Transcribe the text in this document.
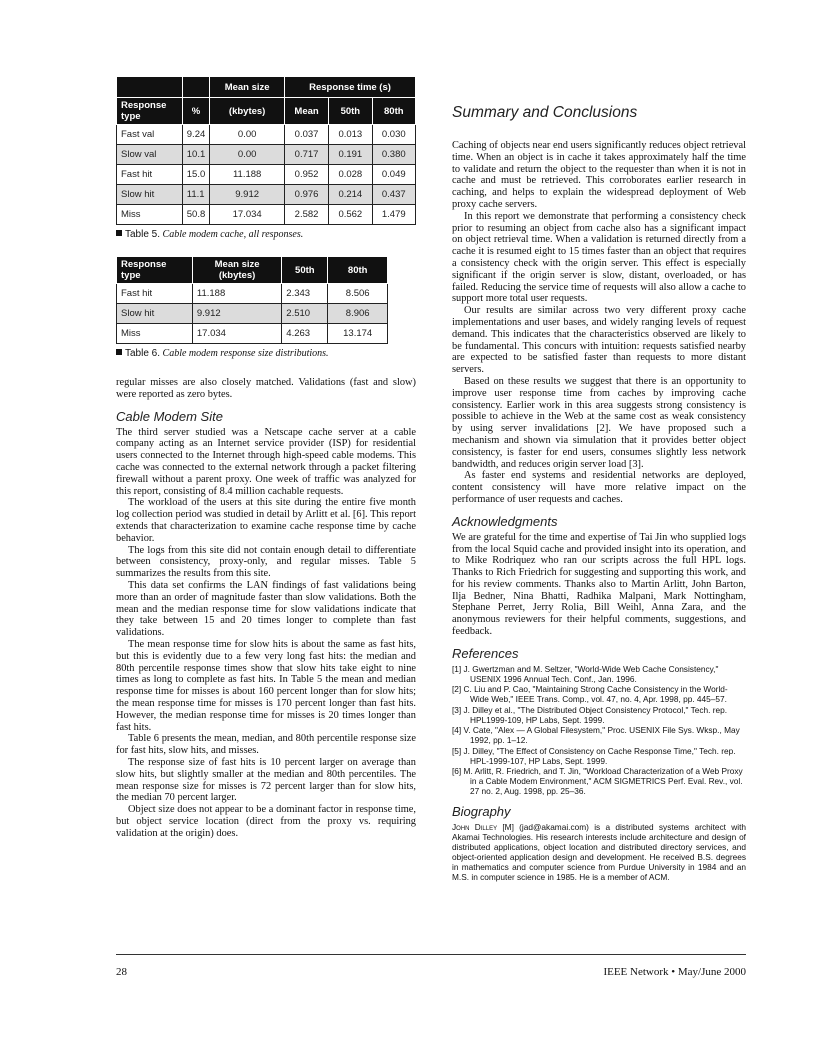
		Mean size	Response time (s)		
Response type	%	(kbytes)	Mean	50th	80th
Fast val	9.24	0.00	0.037	0.013	0.030
Slow val	10.1	0.00	0.717	0.191	0.380
Fast hit	15.0	11.188	0.952	0.028	0.049
Slow hit	11.1	9.912	0.976	0.214	0.437
Miss	50.8	17.034	2.582	0.562	1.479
Table 5. Cable modem cache, all responses.
Response type	Mean size (kbytes)	50th	80th
Fast hit	11.188	2.343	8.506
Slow hit	9.912	2.510	8.906
Miss	17.034	4.263	13.174
Table 6. Cable modem response size distributions.

regular misses are also closely matched. Validations (fast and slow) were reported as zero bytes.

Cable Modem Site

The third server studied was a Netscape cache server at a cable company acting as an Internet service provider (ISP) for residential users connected to the Internet through high-speed cable modems. This cache was connected to the external network through a packet filtering firewall without a parent proxy. One week of traffic was analyzed for this report, consisting of 8.4 million cachable requests.

The workload of the users at this site during the entire five month log collection period was studied in detail by Arlitt et al. [6]. This report extends that characterization to examine cache response time by cache behavior.

The logs from this site did not contain enough detail to differentiate between consistency, proxy-only, and regular misses. Table 5 summarizes the results from this site.

This data set confirms the LAN findings of fast validations being more than an order of magnitude faster than slow validations. Both the mean and the median response time for slow validations indicate that they take between 15 and 20 times longer to complete than fast validations.

The mean response time for slow hits is about the same as fast hits, but this is evidently due to a few very long fast hits: the median and 80th percentile response times show that slow hits take eight to nine times as long to complete as fast hits. In Table 5 the mean and median response time for misses is about 160 percent longer than for slow hits; the mean response time for misses is 170 percent longer than fast hits. However, the median response time for misses is 20 times longer than fast hits.

Table 6 presents the mean, median, and 80th percentile response size for fast hits, slow hits, and misses.

The response size of fast hits is 10 percent larger on average than slow hits, but slightly smaller at the median and 80th percentiles. The mean response size for misses is 72 percent larger than for slow hits, the median 70 percent larger.

Object size does not appear to be a dominant factor in response time, but object service location (direct from the proxy vs. requiring validation at the origin) does.

Summary and Conclusions

Caching of objects near end users significantly reduces object retrieval time. When an object is in cache it takes approximately half the time to validate and return the object to the requester than when it is not in cache and must be retrieved. This corroborates earlier research in caching, and helps to explain the widespread deployment of Web proxy cache servers.

In this report we demonstrate that performing a consistency check prior to resuming an object from cache also has a significant impact on object retrieval time. When a validation is returned directly from a cache it is resumed eight to 15 times faster than an object that requires a consistency check with the origin server. This effect is especially significant if the origin server is slow, distant, overloaded, or has failed. Reducing the service time of requests will also allow a cache to support more total user requests.

Our results are similar across two very different proxy cache implementations and user bases, and widely ranging levels of request demand. This indicates that the characteristics observed are likely to be fundamental. This concurs with intuition: requests satisfied nearby are expected to be satisfied faster than requests to more distant servers.

Based on these results we suggest that there is an opportunity to improve user response time from caches by improving cache consistency. Earlier work in this area suggests strong consistency is possible to achieve in the Web at the same cost as weak consistency by using server invalidations [2]. We have proposed such a mechanism and shown via simulation that it provides better object consistency, is faster for end users, consumes slightly less network bandwidth, and reduces origin server load [3].

As faster end systems and residential networks are deployed, content consistency will have more relative impact on the performance of user requests and caches.

Acknowledgments

We are grateful for the time and expertise of Tai Jin who supplied logs from the local Squid cache and provided insight into its operation, and to Mike Rodriquez who ran our scripts across the full HPL logs. Thanks to Rich Friedrich for suggesting and supporting this work, and for his review comments. Thanks also to Martin Arlitt, John Barton, Ilja Bedner, Nina Bhatti, Radhika Malpani, Mark Nottingham, Stephane Perret, Jerry Rolia, Bill Weihl, Anna Zara, and the anonymous reviewers for their helpful comments, suggestions, and feedback.

References
[1] J. Gwertzman and M. Seltzer, "World-Wide Web Cache Consistency," USENIX 1996 Annual Tech. Conf., Jan. 1996.
[2] C. Liu and P. Cao, "Maintaining Strong Cache Consistency in the World-Wide Web," IEEE Trans. Comp., vol. 47, no. 4, Apr. 1998, pp. 445–57.
[3] J. Dilley et al., "The Distributed Object Consistency Protocol," Tech. rep. HPL1999-109, HP Labs, Sept. 1999.
[4] V. Cate, "Alex — A Global Filesystem," Proc. USENIX File Sys. Wksp., May 1992, pp. 1–12.
[5] J. Dilley, "The Effect of Consistency on Cache Response Time," Tech. rep. HPL-1999-107, HP Labs, Sept. 1999.
[6] M. Arlitt, R. Friedrich, and T. Jin, "Workload Characterization of a Web Proxy in a Cable Modem Environment," ACM SIGMETRICS Perf. Eval. Rev., vol. 27 no. 2, Aug. 1998, pp. 25–36.
Biography

John Dilley [M] (jad@akamai.com) is a distributed systems architect with Akamai Technologies. His research interests include architecture and design of distributed applications, object location and distributed directory services, and object-oriented application design and development. He received B.S. degrees in mathematics and computer science from Purdue University in 1984 and an M.S. in computer science in 1985. He is a member of ACM.

28	IEEE Network • May/June 2000
